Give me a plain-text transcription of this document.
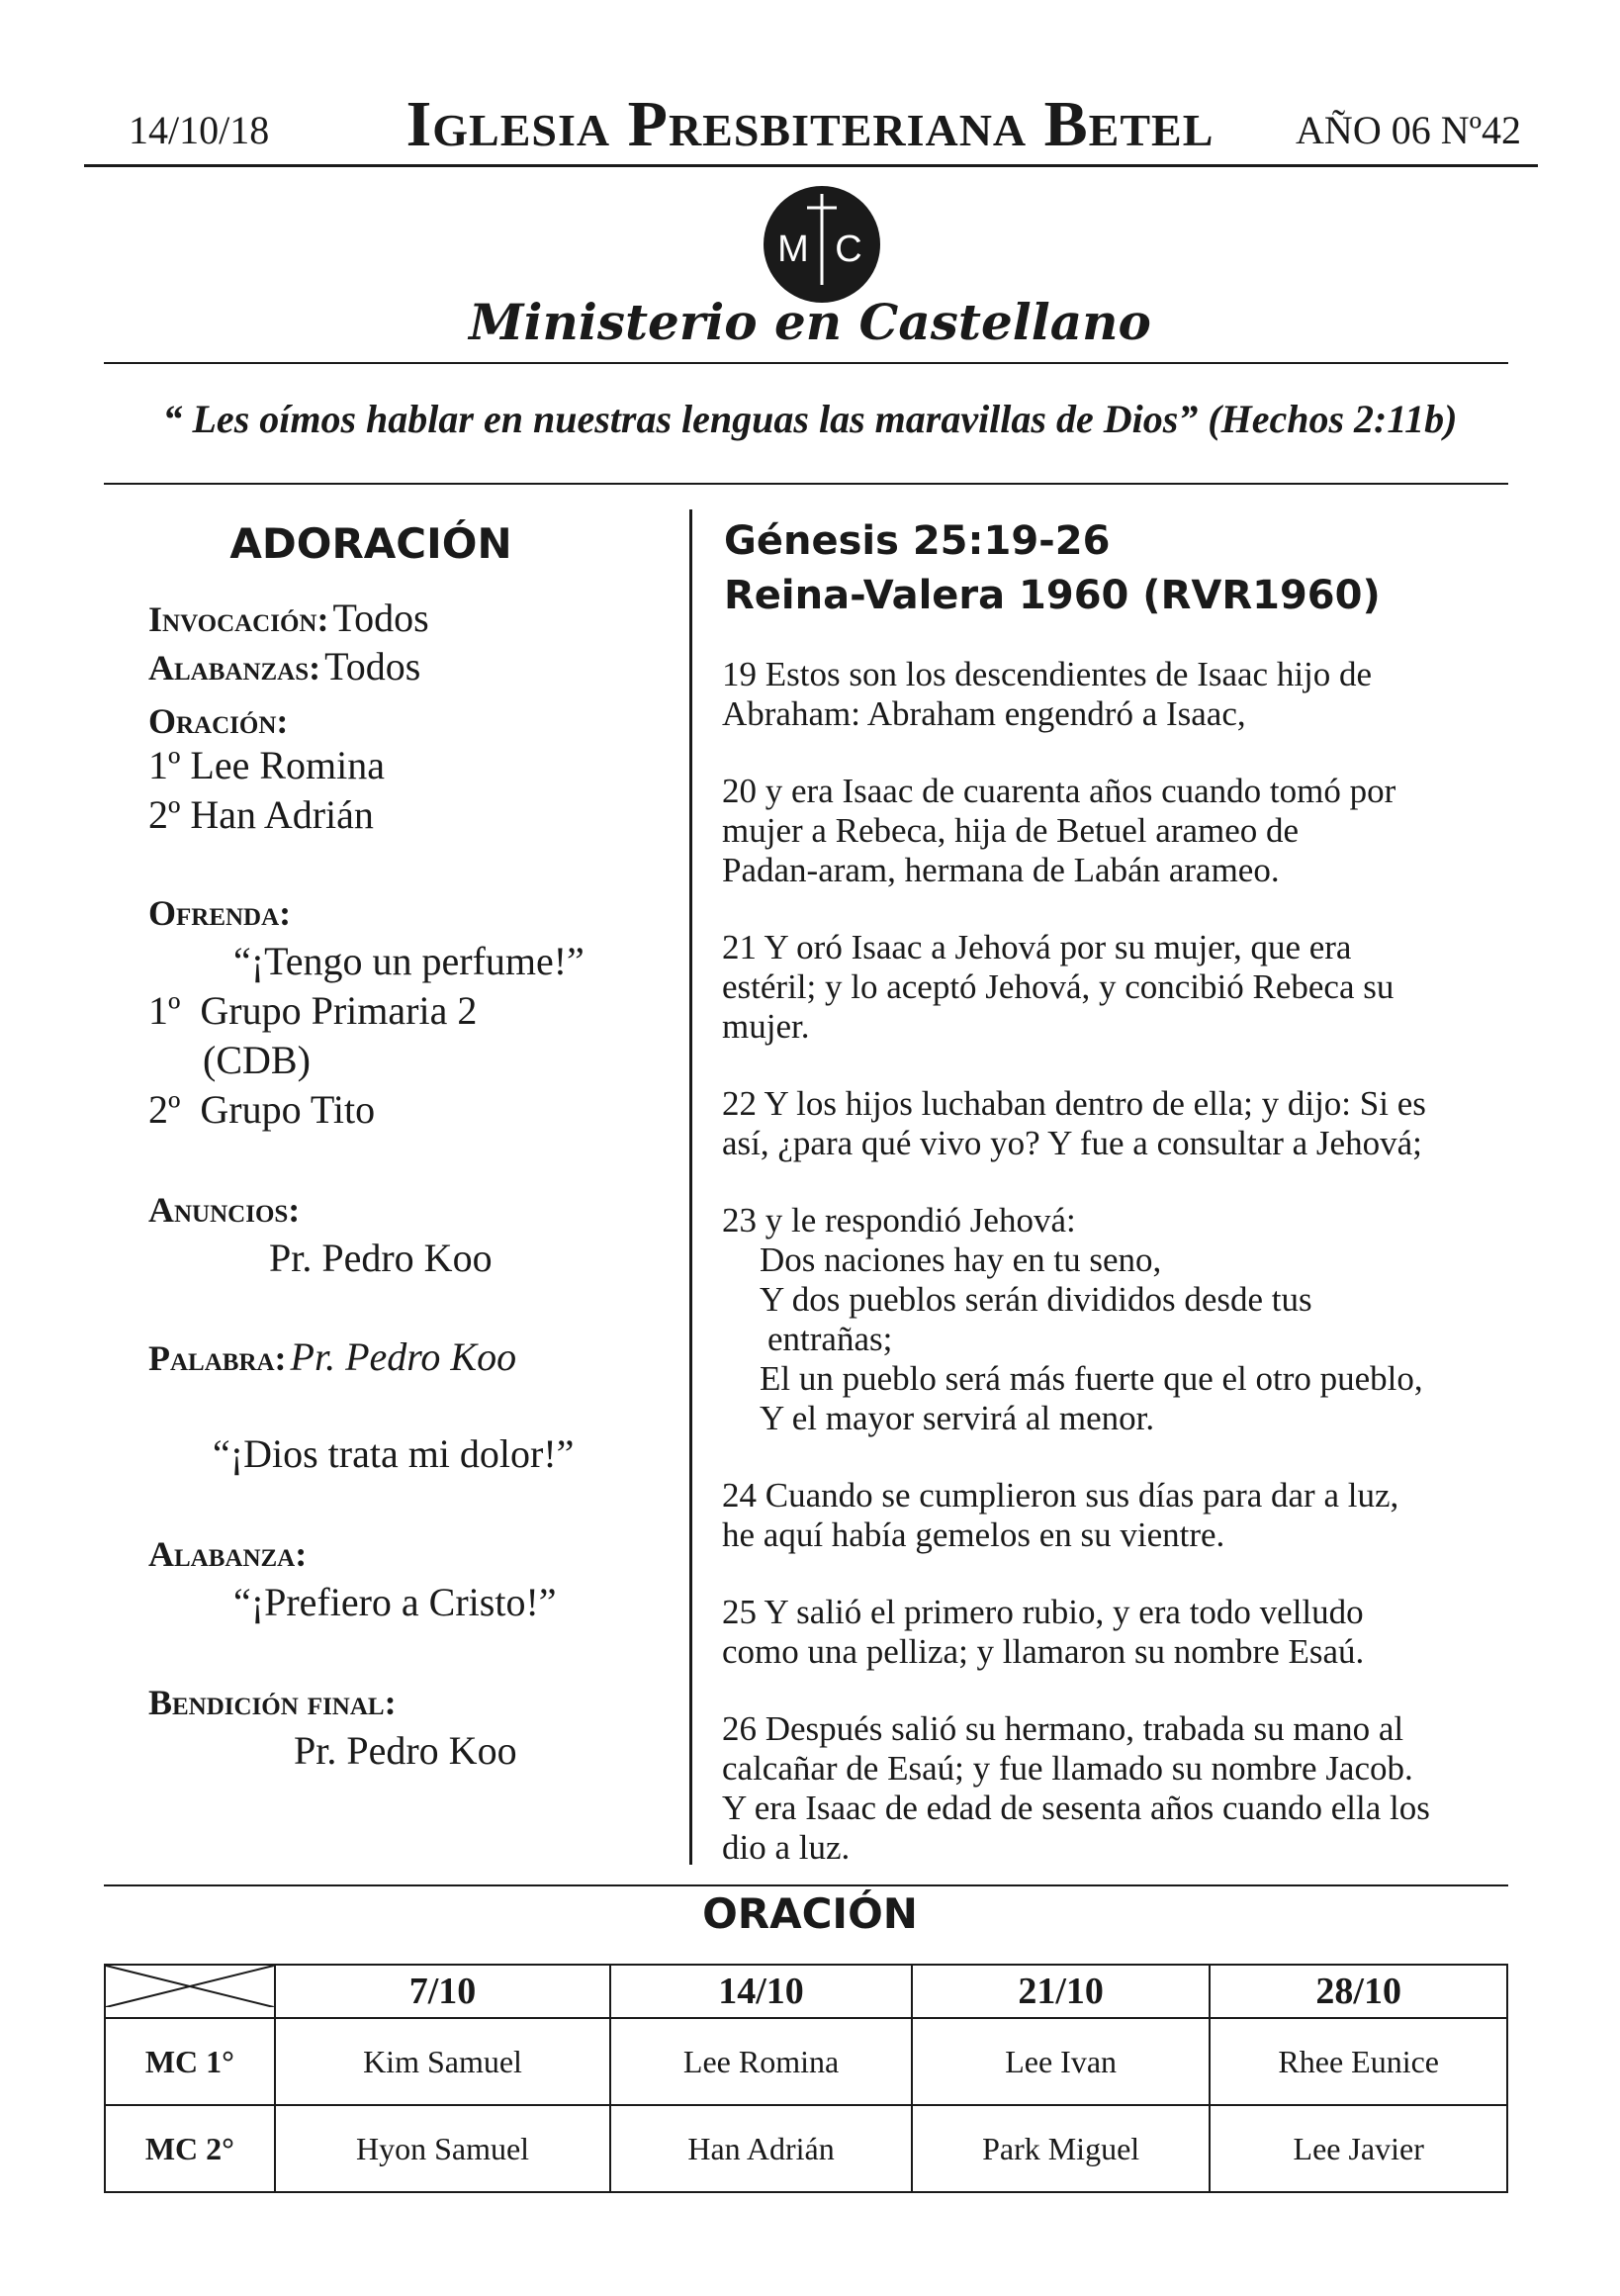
14/10/18	Iglesia Presbiteriana Betel	AÑO 06 Nº42
M C
Ministerio en Castellano
“ Les oímos hablar en nuestras lenguas las maravillas de Dios” (Hechos 2:11b)
ADORACIÓN
Invocación: Todos
Alabanzas: Todos
Oración:
1º Lee Romina
2º Han Adrián
Ofrenda:
“¡Tengo un perfume!”
1º  Grupo Primaria 2
(CDB)
2º  Grupo Tito
Anuncios:
Pr. Pedro Koo
Palabra: Pr. Pedro Koo
“¡Dios trata mi dolor!”
Alabanza:
“¡Prefiero a Cristo!”
Bendición final:
Pr. Pedro Koo
Génesis 25:19-26
Reina-Valera 1960 (RVR1960)
19 Estos son los descendientes de Isaac hijo de
Abraham: Abraham engendró a Isaac,
20 y era Isaac de cuarenta años cuando tomó por
mujer a Rebeca, hija de Betuel arameo de
Padan-aram, hermana de Labán arameo.
21 Y oró Isaac a Jehová por su mujer, que era
estéril; y lo aceptó Jehová, y concibió Rebeca su
mujer.
22 Y los hijos luchaban dentro de ella; y dijo: Si es
así, ¿para qué vivo yo? Y fue a consultar a Jehová;
23 y le respondió Jehová:
Dos naciones hay en tu seno,
Y dos pueblos serán divididos desde tus
entrañas;
El un pueblo será más fuerte que el otro pueblo,
Y el mayor servirá al menor.
24 Cuando se cumplieron sus días para dar a luz,
he aquí había gemelos en su vientre.
25 Y salió el primero rubio, y era todo velludo
como una pelliza; y llamaron su nombre Esaú.
26 Después salió su hermano, trabada su mano al
calcañar de Esaú; y fue llamado su nombre Jacob.
Y era Isaac de edad de sesenta años cuando ella los
dio a luz.
ORACIÓN
	7/10	14/10	21/10	28/10
MC 1°	Kim Samuel	Lee Romina	Lee Ivan	Rhee Eunice
MC 2°	Hyon Samuel	Han Adrián	Park Miguel	Lee Javier
